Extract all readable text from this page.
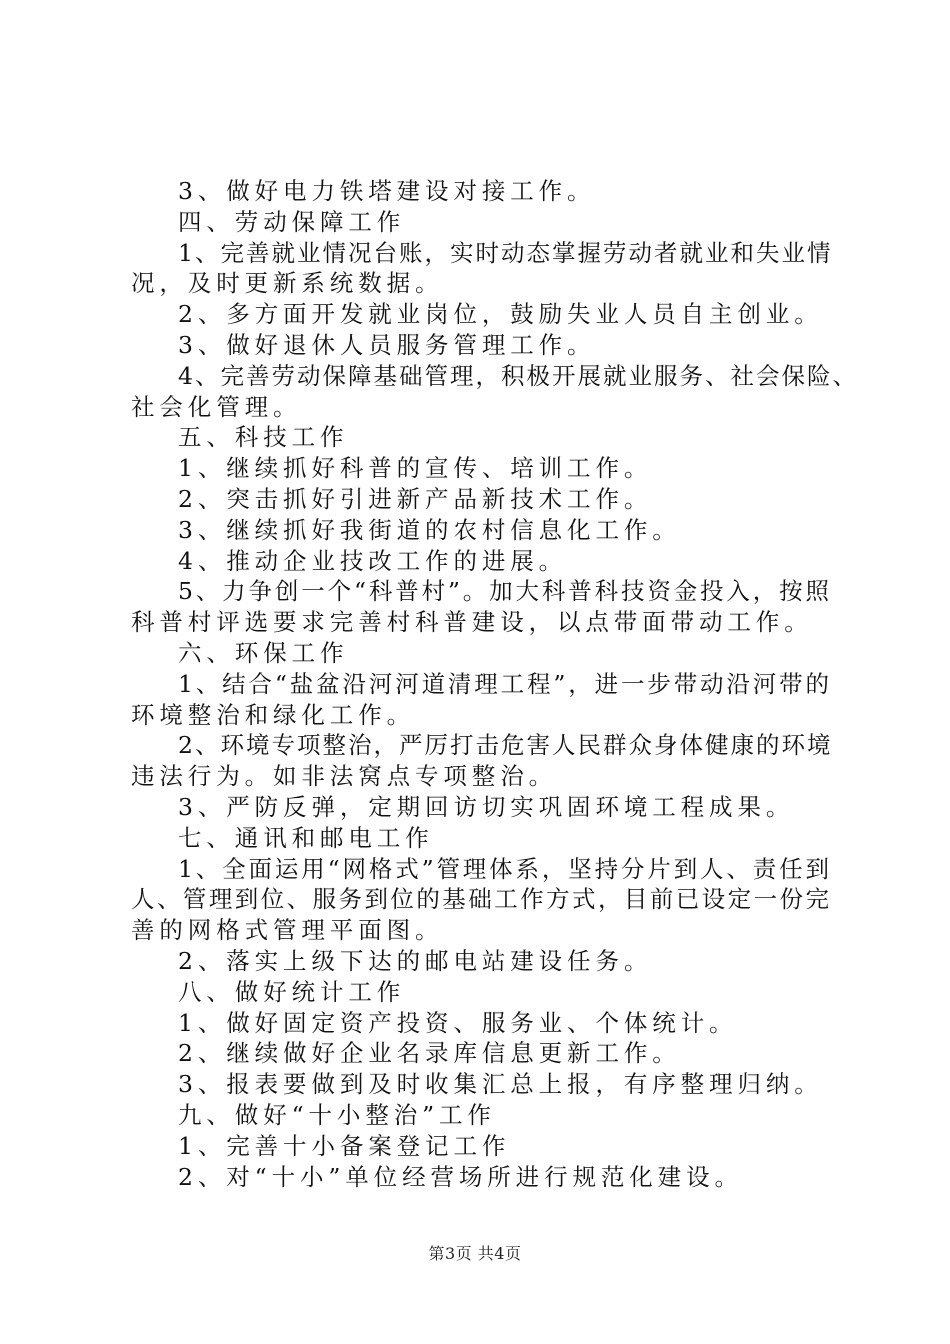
3、做好电力铁塔建设对接工作。
四、劳动保障工作
1、完善就业情况台账，实时动态掌握劳动者就业和失业情
况，及时更新系统数据。
2、多方面开发就业岗位，鼓励失业人员自主创业。
3、做好退休人员服务管理工作。
4、完善劳动保障基础管理，积极开展就业服务、社会保险、
社会化管理。
五、科技工作
1、继续抓好科普的宣传、培训工作。
2、突击抓好引进新产品新技术工作。
3、继续抓好我街道的农村信息化工作。
4、推动企业技改工作的进展。
5、力争创一个“科普村”。加大科普科技资金投入，按照
科普村评选要求完善村科普建设，以点带面带动工作。
六、环保工作
1、结合“盐盆沿河河道清理工程”，进一步带动沿河带的
环境整治和绿化工作。
2、环境专项整治，严厉打击危害人民群众身体健康的环境
违法行为。如非法窝点专项整治。
3、严防反弹，定期回访切实巩固环境工程成果。
七、通讯和邮电工作
1、全面运用“网格式”管理体系，坚持分片到人、责任到
人、管理到位、服务到位的基础工作方式，目前已设定一份完
善的网格式管理平面图。
2、落实上级下达的邮电站建设任务。
八、做好统计工作
1、做好固定资产投资、服务业、个体统计。
2、继续做好企业名录库信息更新工作。
3、报表要做到及时收集汇总上报，有序整理归纳。
九、做好“十小整治”工作
1、完善十小备案登记工作
2、对“十小”单位经营场所进行规范化建设。
第3页 共4页
